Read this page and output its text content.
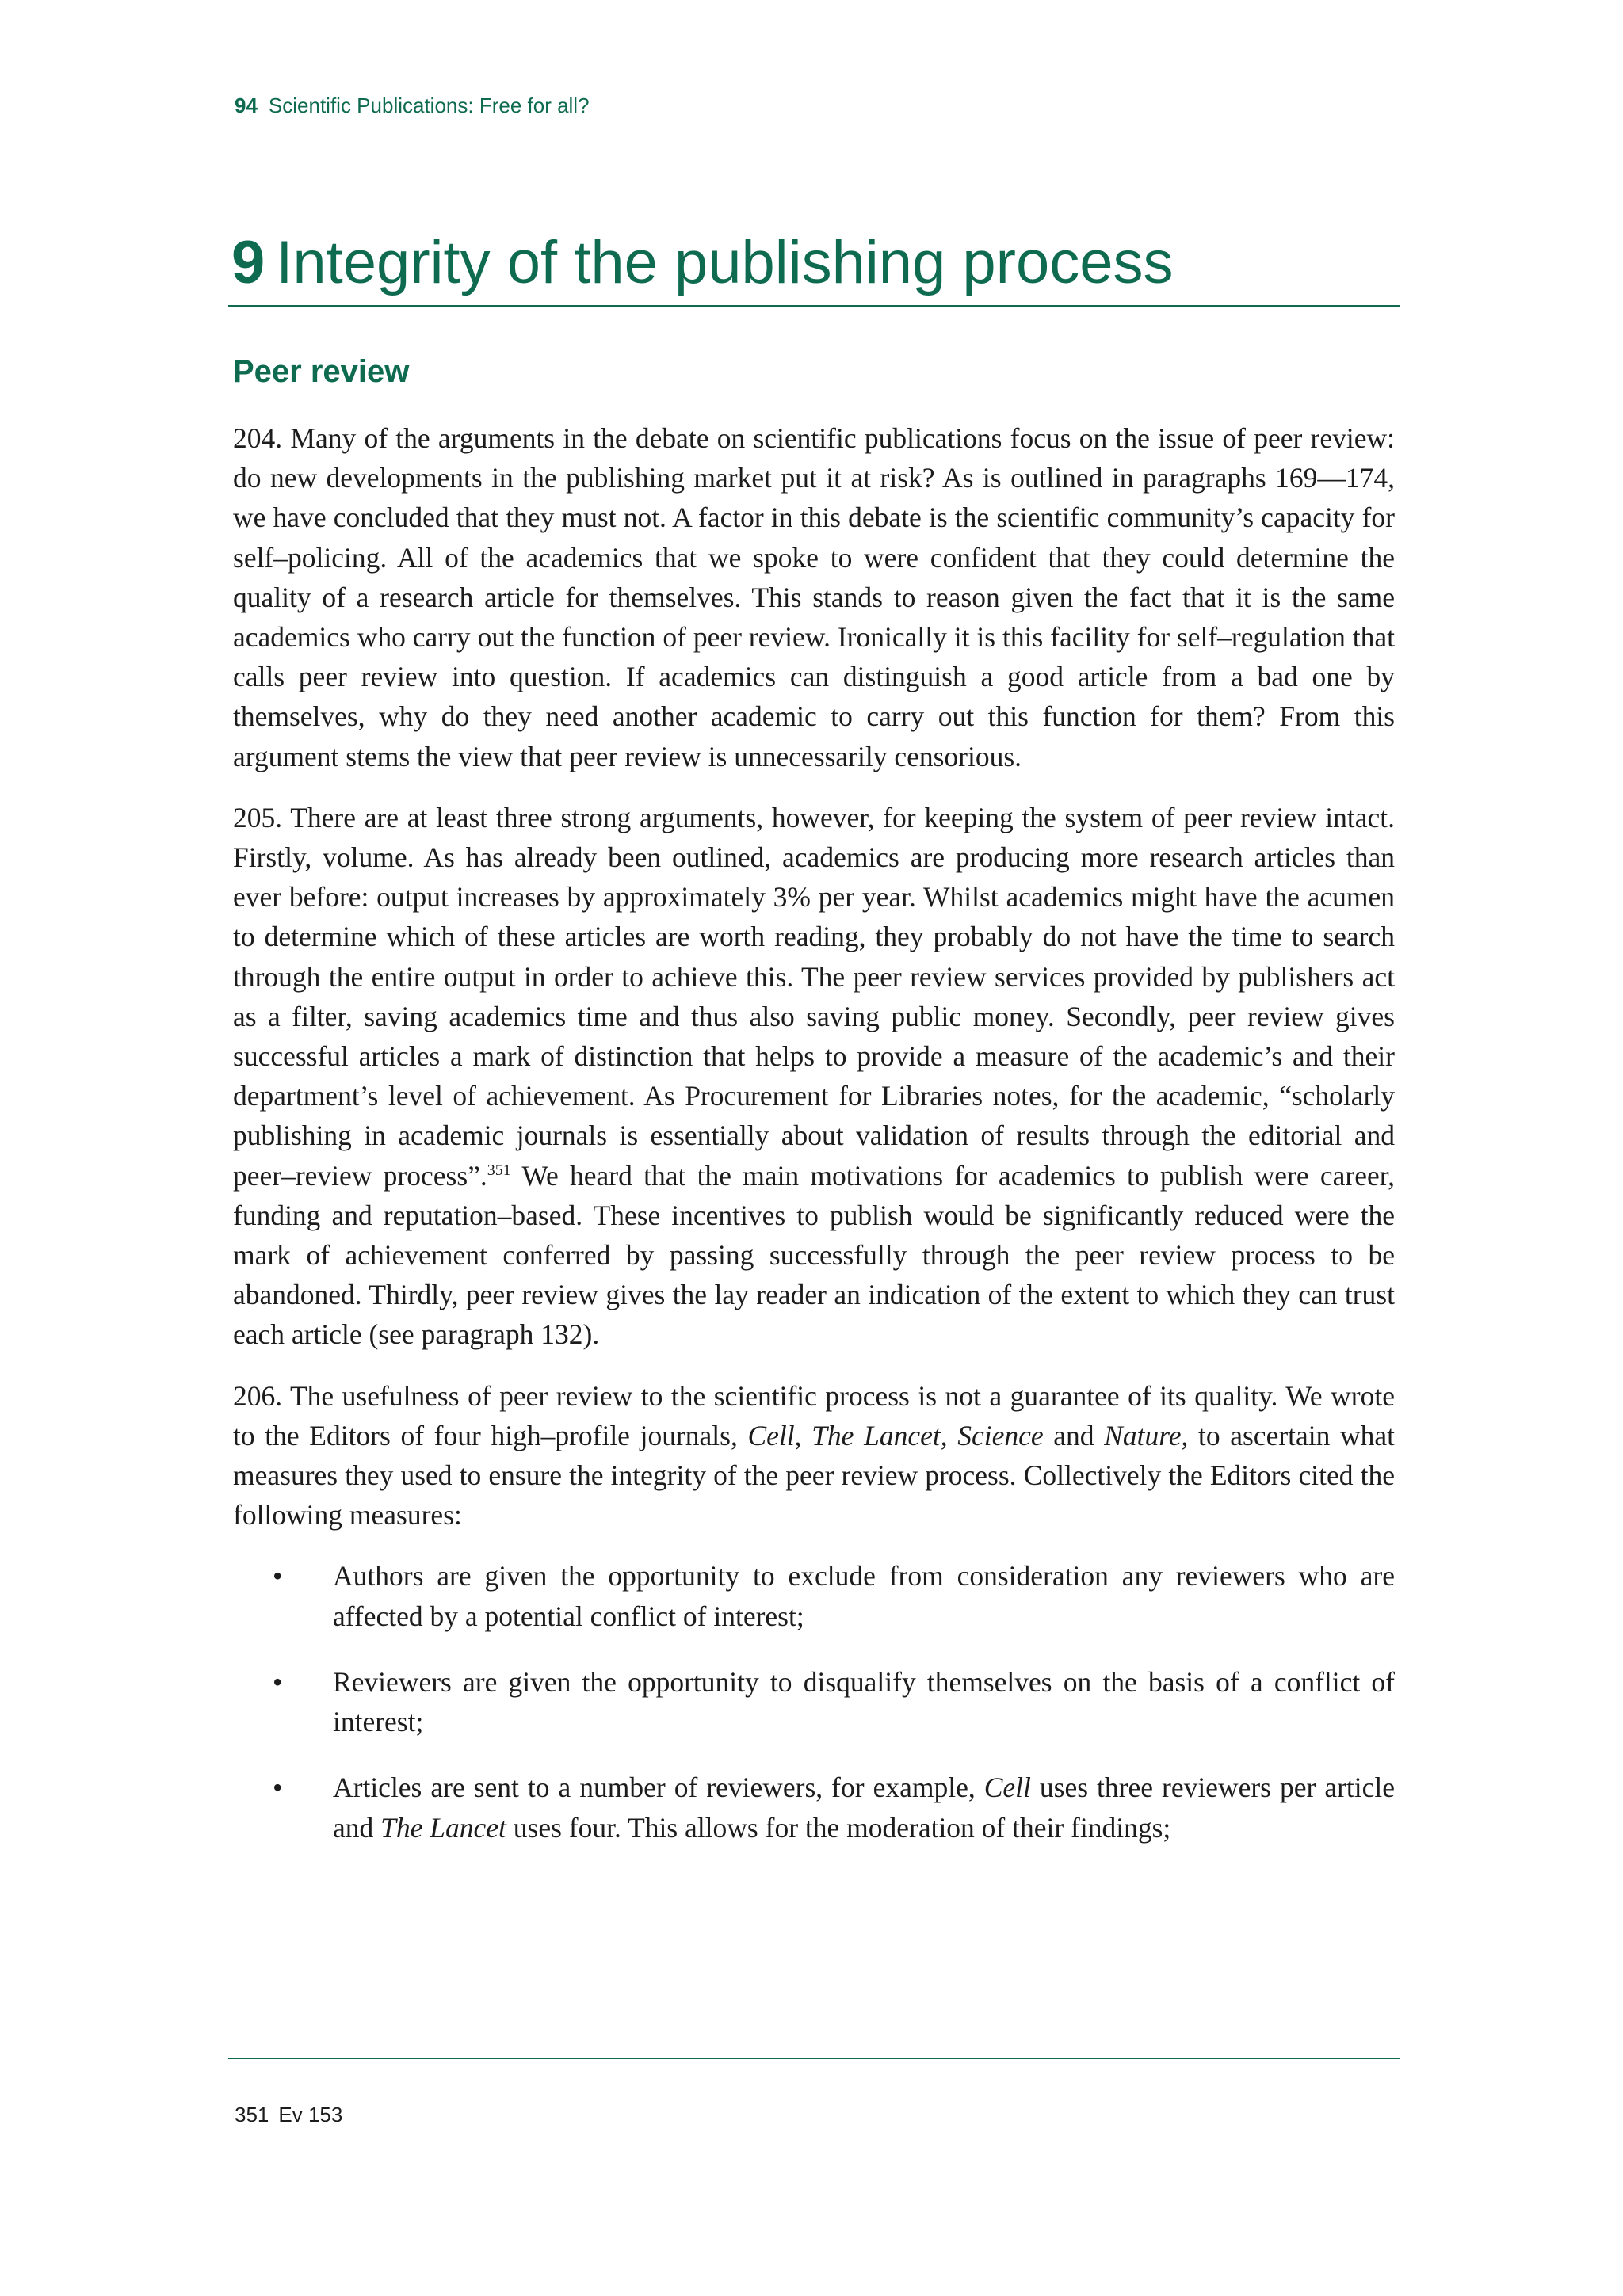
94 Scientific Publications: Free for all?
9 Integrity of the publishing process
Peer review

204. Many of the arguments in the debate on scientific publications focus on the issue of peer review: do new developments in the publishing market put it at risk? As is outlined in paragraphs 169—174, we have concluded that they must not. A factor in this debate is the scientific community’s capacity for self–policing. All of the academics that we spoke to were confident that they could determine the quality of a research article for themselves. This stands to reason given the fact that it is the same academics who carry out the function of peer review. Ironically it is this facility for self–regulation that calls peer review into question. If academics can distinguish a good article from a bad one by themselves, why do they need another academic to carry out this function for them? From this argument stems the view that peer review is unnecessarily censorious.

205. There are at least three strong arguments, however, for keeping the system of peer review intact. Firstly, volume. As has already been outlined, academics are producing more research articles than ever before: output increases by approximately 3% per year. Whilst academics might have the acumen to determine which of these articles are worth reading, they probably do not have the time to search through the entire output in order to achieve this. The peer review services provided by publishers act as a filter, saving academics time and thus also saving public money. Secondly, peer review gives successful articles a mark of distinction that helps to provide a measure of the academic’s and their department’s level of achievement. As Procurement for Libraries notes, for the academic, “scholarly publishing in academic journals is essentially about validation of results through the editorial and peer–review process”.$^{351}$ We heard that the main motivations for academics to publish were career, funding and reputation–based. These incentives to publish would be significantly reduced were the mark of achievement conferred by passing successfully through the peer review process to be abandoned. Thirdly, peer review gives the lay reader an indication of the extent to which they can trust each article (see paragraph 132).

206. The usefulness of peer review to the scientific process is not a guarantee of its quality. We wrote to the Editors of four high–profile journals, Cell, The Lancet, Science and Nature, to ascertain what measures they used to ensure the integrity of the peer review process. Collectively the Editors cited the following measures:

• Authors are given the opportunity to exclude from consideration any reviewers who are affected by a potential conflict of interest;
• Reviewers are given the opportunity to disqualify themselves on the basis of a conflict of interest;
• Articles are sent to a number of reviewers, for example, Cell uses three reviewers per article and The Lancet uses four. This allows for the moderation of their findings;
351 Ev 153
